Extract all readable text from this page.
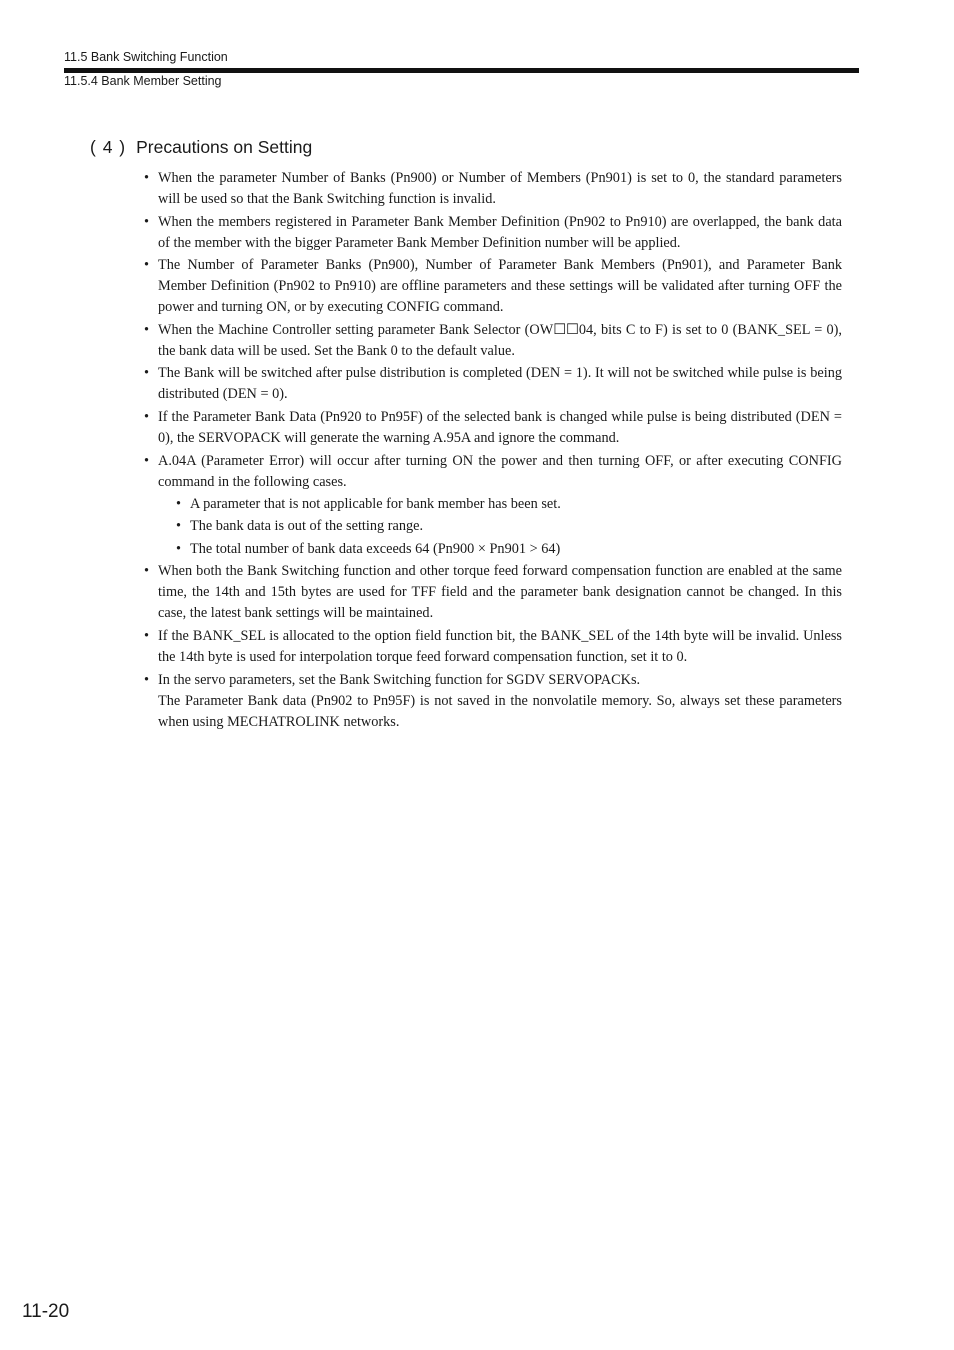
11.5 Bank Switching Function
11.5.4 Bank Member Setting
( 4 ) Precautions on Setting
• When the parameter Number of Banks (Pn900) or Number of Members (Pn901) is set to 0, the standard parameters will be used so that the Bank Switching function is invalid.
• When the members registered in Parameter Bank Member Definition (Pn902 to Pn910) are overlapped, the bank data of the member with the bigger Parameter Bank Member Definition number will be applied.
• The Number of Parameter Banks (Pn900), Number of Parameter Bank Members (Pn901), and Parameter Bank Member Definition (Pn902 to Pn910) are offline parameters and these settings will be validated after turning OFF the power and turning ON, or by executing CONFIG command.
• When the Machine Controller setting parameter Bank Selector (OW☐☐04, bits C to F) is set to 0 (BANK_SEL = 0), the bank data will be used. Set the Bank 0 to the default value.
• The Bank will be switched after pulse distribution is completed (DEN = 1). It will not be switched while pulse is being distributed (DEN = 0).
• If the Parameter Bank Data (Pn920 to Pn95F) of the selected bank is changed while pulse is being distributed (DEN = 0), the SERVOPACK will generate the warning A.95A and ignore the command.
• A.04A (Parameter Error) will occur after turning ON the power and then turning OFF, or after executing CONFIG command in the following cases.
• A parameter that is not applicable for bank member has been set.
• The bank data is out of the setting range.
• The total number of bank data exceeds 64 (Pn900 × Pn901 > 64)
• When both the Bank Switching function and other torque feed forward compensation function are enabled at the same time, the 14th and 15th bytes are used for TFF field and the parameter bank designation cannot be changed. In this case, the latest bank settings will be maintained.
• If the BANK_SEL is allocated to the option field function bit, the BANK_SEL of the 14th byte will be invalid. Unless the 14th byte is used for interpolation torque feed forward compensation function, set it to 0.
• In the servo parameters, set the Bank Switching function for SGDV SERVOPACKs.
The Parameter Bank data (Pn902 to Pn95F) is not saved in the nonvolatile memory. So, always set these parameters when using MECHATROLINK networks.
11-20
